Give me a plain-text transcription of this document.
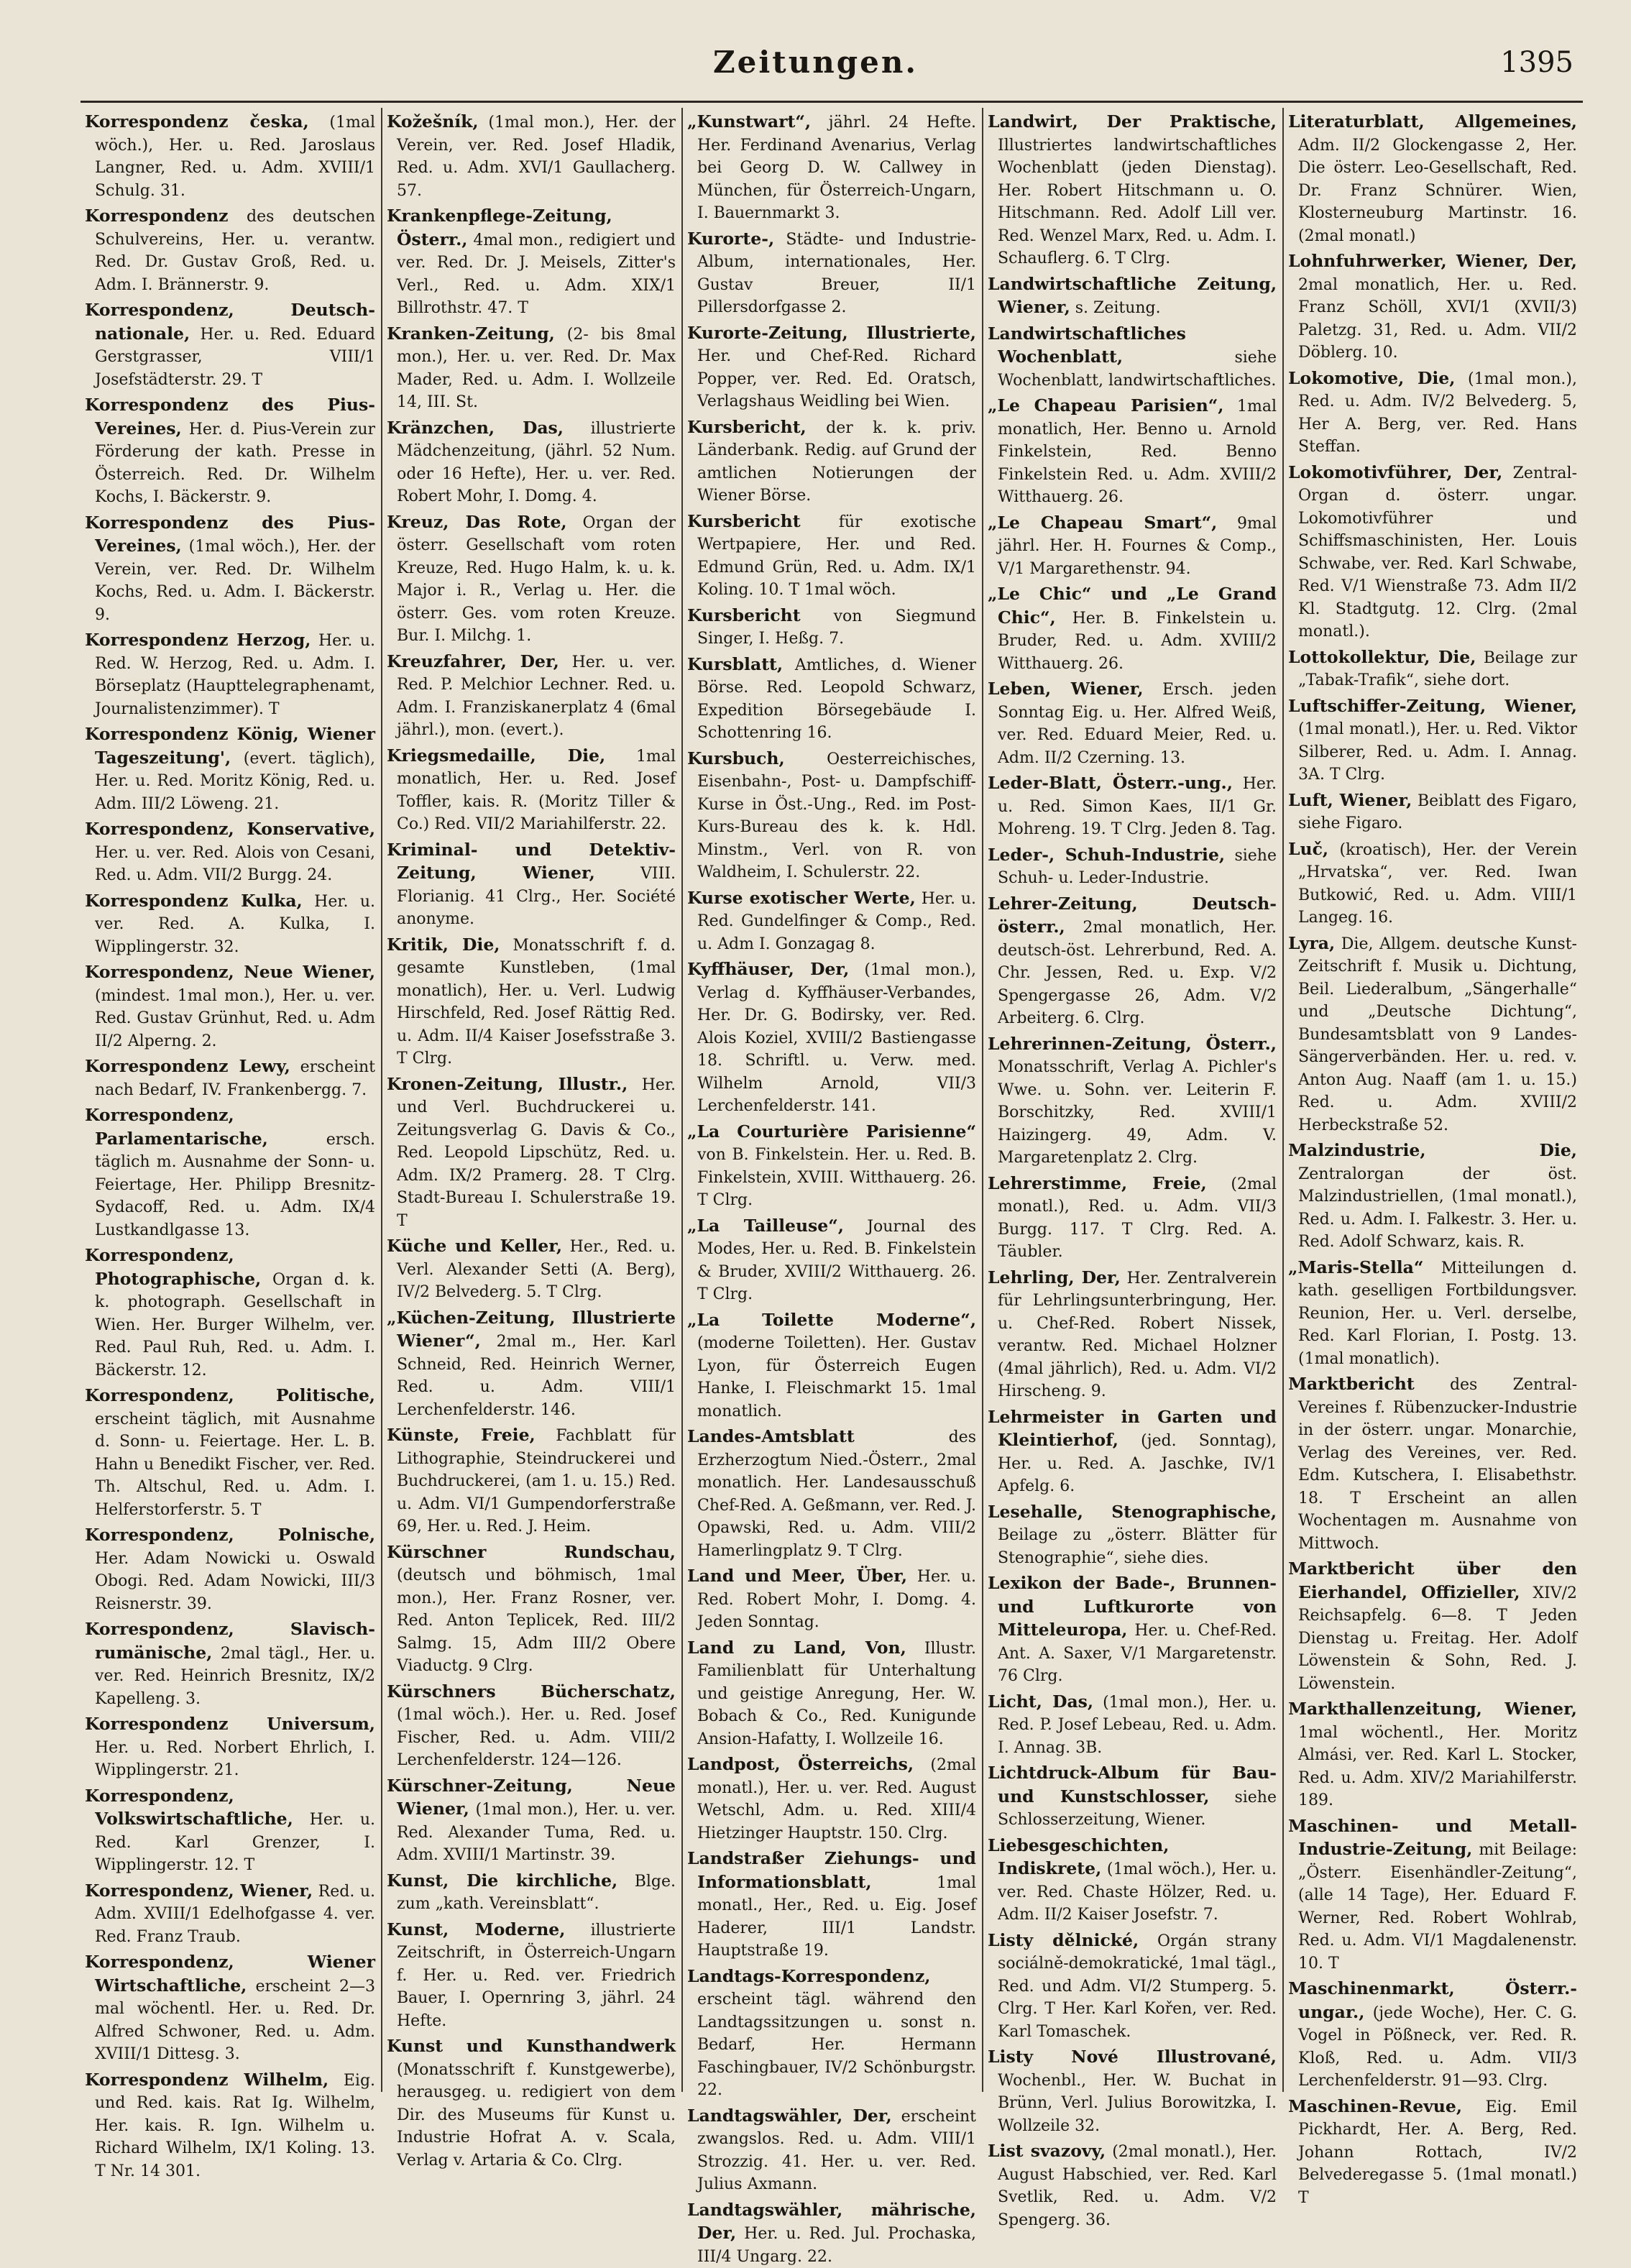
Zeitungen.	1395

Korrespondenz česka, (1mal wöch.), Her. u. Red. Jaroslaus Langner, Red. u. Adm. XVIII/1 Schulg. 31.

Korrespondenz des deutschen Schulvereins, Her. u. verantw. Red. Dr. Gustav Groß, Red. u. Adm. I. Brännerstr. 9.

Korrespondenz, Deutsch-nationale, Her. u. Red. Eduard Gerstgrasser, VIII/1 Josefstädterstr. 29. T

Korrespondenz des Pius-Vereines, Her. d. Pius-Verein zur Förderung der kath. Presse in Österreich. Red. Dr. Wilhelm Kochs, I. Bäckerstr. 9.

Korrespondenz des Pius-Vereines, (1mal wöch.), Her. der Verein, ver. Red. Dr. Wilhelm Kochs, Red. u. Adm. I. Bäckerstr. 9.

Korrespondenz Herzog, Her. u. Red. W. Herzog, Red. u. Adm. I. Börseplatz (Haupttelegraphenamt, Journalistenzimmer). T

Korrespondenz König, Wiener Tageszeitung', (evert. täglich), Her. u. Red. Moritz König, Red. u. Adm. III/2 Löweng. 21.

Korrespondenz, Konservative, Her. u. ver. Red. Alois von Cesani, Red. u. Adm. VII/2 Burgg. 24.

Korrespondenz Kulka, Her. u. ver. Red. A. Kulka, I. Wipplingerstr. 32.

Korrespondenz, Neue Wiener, (mindest. 1mal mon.), Her. u. ver. Red. Gustav Grünhut, Red. u. Adm II/2 Alperng. 2.

Korrespondenz Lewy, erscheint nach Bedarf, IV. Frankenbergg. 7.

Korrespondenz, Parlamentarische,	ersch. täglich m. Ausnahme der Sonn- u. Feiertage, Her. Philipp Bresnitz-Sydacoff, Red. u. Adm. IX/4 Lustkandlgasse 13.

Korrespondenz, Photographische, Organ d. k. k. photograph. Gesellschaft in Wien. Her. Burger Wilhelm, ver. Red. Paul Ruh, Red. u. Adm. I. Bäckerstr. 12.

Korrespondenz, Politische, erscheint täglich, mit Ausnahme d. Sonn- u. Feiertage. Her. L. B. Hahn u Benedikt Fischer, ver. Red. Th. Altschul, Red. u. Adm. I. Helferstorferstr. 5. T

Korrespondenz, Polnische, Her. Adam Nowicki u. Oswald Obogi. Red. Adam Nowicki, III/3 Reisnerstr. 39.

Korrespondenz, Slavisch-rumänische, 2mal tägl., Her. u. ver. Red. Heinrich Bresnitz, IX/2 Kapelleng. 3.

Korrespondenz Universum, Her. u. Red. Norbert Ehrlich, I. Wipplingerstr. 21.

Korrespondenz, Volkswirtschaftliche, Her. u. Red. Karl Grenzer, I. Wipplingerstr. 12. T

Korrespondenz, Wiener, Red. u. Adm. XVIII/1 Edelhofgasse 4. ver. Red. Franz Traub.

Korrespondenz, Wiener Wirtschaftliche, erscheint 2—3 mal wöchentl. Her. u. Red. Dr. Alfred Schwoner, Red. u. Adm. XVIII/1 Dittesg. 3.

Korrespondenz Wilhelm, Eig. und Red. kais. Rat Ig. Wilhelm, Her. kais. R. Ign. Wilhelm u. Richard Wilhelm, IX/1 Koling. 13. T Nr. 14 301.

Kožešník, (1mal mon.), Her. der Verein, ver. Red. Josef Hladik, Red. u. Adm. XVI/1 Gaullacherg. 57.

Krankenpflege-Zeitung, Österr., 4mal mon., redigiert und ver. Red. Dr. J. Meisels, Zitter's Verl., Red. u. Adm. XIX/1 Billrothstr. 47. T

Kranken-Zeitung, (2- bis 8mal mon.), Her. u. ver. Red. Dr. Max Mader, Red. u. Adm. I. Wollzeile 14, III. St.

Kränzchen, Das, illustrierte Mädchenzeitung, (jährl. 52 Num. oder 16 Hefte), Her. u. ver. Red. Robert Mohr, I. Domg. 4.

Kreuz, Das Rote, Organ der österr. Gesellschaft vom roten Kreuze, Red. Hugo Halm, k. u. k. Major i. R., Verlag u. Her. die österr. Ges. vom roten Kreuze. Bur. I. Milchg. 1.

Kreuzfahrer, Der, Her. u. ver. Red. P. Melchior Lechner. Red. u. Adm. I. Franziskanerplatz 4 (6mal jährl.), mon. (evert.).

Kriegsmedaille, Die, 1mal monatlich, Her. u. Red. Josef Toffler, kais. R. (Moritz Tiller & Co.) Red. VII/2 Mariahilferstr. 22.

Kriminal- und Detektiv-Zeitung, Wiener,	VIII. Florianig. 41 Clrg., Her. Société anonyme.

Kritik, Die, Monatsschrift f. d. gesamte Kunstleben, (1mal monatlich), Her. u. Verl. Ludwig Hirschfeld, Red. Josef Rättig Red. u. Adm. II/4 Kaiser Josefsstraße 3. T Clrg.

Kronen-Zeitung, Illustr., Her. und Verl. Buchdruckerei u. Zeitungsverlag G. Davis & Co., Red. Leopold Lipschütz, Red. u. Adm. IX/2 Pramerg. 28. T Clrg. Stadt-Bureau I. Schulerstraße 19. T

Küche und Keller, Her., Red. u. Verl. Alexander Setti (A. Berg), IV/2 Belvederg. 5. T Clrg.

„Küchen-Zeitung, Illustrierte Wiener“, 2mal m., Her. Karl Schneid, Red. Heinrich Werner, Red. u. Adm. VIII/1 Lerchenfelderstr. 146.

Künste, Freie, Fachblatt für Lithographie, Steindruckerei und Buchdruckerei, (am 1. u. 15.) Red. u. Adm. VI/1 Gumpendorferstraße 69, Her. u. Red. J. Heim.

Kürschner Rundschau, (deutsch und böhmisch, 1mal mon.), Her. Franz Rosner, ver. Red. Anton Teplicek, Red. III/2 Salmg. 15, Adm III/2 Obere Viaductg. 9 Clrg.

Kürschners Bücherschatz, (1mal wöch.). Her. u. Red. Josef Fischer, Red. u. Adm. VIII/2 Lerchenfelderstr. 124—126.

Kürschner-Zeitung, Neue Wiener, (1mal mon.), Her. u. ver. Red. Alexander Tuma, Red. u. Adm. XVIII/1 Martinstr. 39.

Kunst, Die kirchliche, Blge. zum „kath. Vereinsblatt“.

Kunst, Moderne, illustrierte Zeitschrift, in Österreich-Ungarn f. Her. u. Red. ver. Friedrich Bauer, I. Opernring 3, jährl. 24 Hefte.

Kunst und Kunsthandwerk (Monatsschrift f. Kunstgewerbe), herausgeg. u. redigiert von dem Dir. des Museums für Kunst u. Industrie Hofrat A. v. Scala, Verlag v. Artaria & Co. Clrg.

„Kunstwart“, jährl. 24 Hefte. Her. Ferdinand Avenarius, Verlag bei Georg D. W. Callwey in München, für Österreich-Ungarn, I. Bauernmarkt 3.

Kurorte-, Städte- und Industrie-Album, internationales, Her. Gustav Breuer, II/1 Pillersdorfgasse 2.

Kurorte-Zeitung, Illustrierte, Her. und Chef-Red. Richard Popper, ver. Red. Ed. Oratsch, Verlagshaus Weidling bei Wien.

Kursbericht, der k. k. priv. Länderbank. Redig. auf Grund der amtlichen Notierungen der Wiener Börse.

Kursbericht für exotische Wertpapiere, Her. und Red. Edmund Grün, Red. u. Adm. IX/1 Koling. 10. T 1mal wöch.

Kursbericht von Siegmund Singer, I. Heßg. 7.

Kursblatt, Amtliches, d. Wiener Börse. Red. Leopold Schwarz, Expedition Börsegebäude I. Schottenring 16.

Kursbuch,	Oesterreichisches, Eisenbahn-, Post- u. Dampfschiff-Kurse in Öst.-Ung., Red. im Post-Kurs-Bureau des k. k. Hdl. Minstm., Verl. von R. von Waldheim, I. Schulerstr. 22.

Kurse exotischer Werte, Her. u. Red. Gundelfinger & Comp., Red. u. Adm I. Gonzagag 8.

Kyffhäuser, Der, (1mal mon.), Verlag d. Kyffhäuser-Verbandes, Her. Dr. G. Bodirsky, ver. Red. Alois Koziel, XVIII/2 Bastiengasse 18. Schriftl. u. Verw. med. Wilhelm Arnold, VII/3 Lerchenfelderstr. 141.

„La Courturière Parisienne“ von B. Finkelstein. Her. u. Red. B. Finkelstein, XVIII. Witthauerg. 26. T Clrg.

„La Tailleuse“, Journal des Modes, Her. u. Red. B. Finkelstein & Bruder, XVIII/2 Witthauerg. 26. T Clrg.

„La Toilette Moderne“, (moderne Toiletten). Her. Gustav Lyon, für Österreich Eugen Hanke, I. Fleischmarkt 15. 1mal monatlich.

Landes-Amtsblatt	des Erzherzogtum Nied.-Österr., 2mal monatlich. Her. Landesausschuß Chef-Red. A. Geßmann, ver. Red. J. Opawski, Red. u. Adm. VIII/2 Hamerlingplatz 9. T Clrg.

Land und Meer, Über, Her. u. Red. Robert Mohr, I. Domg. 4. Jeden Sonntag.

Land zu Land, Von, Illustr. Familienblatt für Unterhaltung und geistige Anregung, Her. W. Bobach & Co., Red. Kunigunde Ansion-Hafatty, I. Wollzeile 16.

Landpost, Österreichs, (2mal monatl.), Her. u. ver. Red. August Wetschl, Adm. u. Red. XIII/4 Hietzinger Hauptstr. 150. Clrg.

Landstraßer Ziehungs- und Informationsblatt,	1mal monatl., Her., Red. u. Eig. Josef Haderer, III/1 Landstr. Hauptstraße 19.

Landtags-Korrespondenz, erscheint tägl. während den Landtagssitzungen u. sonst n. Bedarf, Her. Hermann Faschingbauer, IV/2 Schönburgstr. 22.

Landtagswähler, Der, erscheint zwangslos. Red. u. Adm. VIII/1 Strozzig. 41. Her. u. ver. Red. Julius Axmann.

Landtagswähler, mährische, Der, Her. u. Red. Jul. Prochaska, III/4 Ungarg. 22.

Landwirt, Der Praktische, Illustriertes landwirtschaftliches Wochenblatt (jeden Dienstag). Her. Robert Hitschmann u. O. Hitschmann. Red. Adolf Lill ver. Red. Wenzel Marx, Red. u. Adm. I. Schauflerg. 6. T Clrg.

Landwirtschaftliche Zeitung, Wiener, s. Zeitung.

Landwirtschaftliches Wochenblatt,	siehe Wochenblatt, landwirtschaftliches.

„Le Chapeau Parisien“, 1mal monatlich, Her. Benno u. Arnold Finkelstein, Red. Benno Finkelstein Red. u. Adm. XVIII/2 Witthauerg. 26.

„Le Chapeau Smart“, 9mal jährl. Her. H. Fournes & Comp., V/1 Margarethenstr. 94.

„Le Chic“ und „Le Grand Chic“, Her. B. Finkelstein u. Bruder, Red. u. Adm. XVIII/2 Witthauerg. 26.

Leben, Wiener, Ersch. jeden Sonntag Eig. u. Her. Alfred Weiß, ver. Red. Eduard Meier, Red. u. Adm. II/2 Czerning. 13.

Leder-Blatt, Österr.-ung., Her. u. Red. Simon Kaes, II/1 Gr. Mohreng. 19. T Clrg. Jeden 8. Tag.

Leder-, Schuh-Industrie, siehe Schuh- u. Leder-Industrie.

Lehrer-Zeitung, Deutsch-österr., 2mal monatlich, Her. deutsch-öst. Lehrerbund, Red. A. Chr. Jessen, Red. u. Exp. V/2 Spengergasse 26, Adm. V/2 Arbeiterg. 6. Clrg.

Lehrerinnen-Zeitung, Österr., Monatsschrift, Verlag A. Pichler's Wwe. u. Sohn. ver. Leiterin F. Borschitzky, Red. XVIII/1 Haizingerg. 49, Adm. V. Margaretenplatz 2. Clrg.

Lehrerstimme, Freie, (2mal monatl.), Red. u. Adm. VII/3 Burgg. 117. T Clrg. Red. A. Täubler.

Lehrling, Der, Her. Zentralverein für Lehrlingsunterbringung, Her. u. Chef-Red. Robert Nissek, verantw. Red. Michael Holzner (4mal jährlich), Red. u. Adm. VI/2 Hirscheng. 9.

Lehrmeister in Garten und Kleintierhof, (jed. Sonntag), Her. u. Red. A. Jaschke, IV/1 Apfelg. 6.

Lesehalle, Stenographische, Beilage zu „österr. Blätter für Stenographie“, siehe dies.

Lexikon der Bade-, Brunnen- und Luftkurorte von Mitteleuropa, Her. u. Chef-Red. Ant. A. Saxer, V/1 Margaretenstr. 76 Clrg.

Licht, Das, (1mal mon.), Her. u. Red. P. Josef Lebeau, Red. u. Adm. I. Annag. 3B.

Lichtdruck-Album für Bau- und Kunstschlosser, siehe Schlosserzeitung, Wiener.

Liebesgeschichten, Indiskrete, (1mal wöch.), Her. u. ver. Red. Chaste Hölzer, Red. u. Adm. II/2 Kaiser Josefstr. 7.

Listy dělnické, Orgán strany sociálně-demokratické, 1mal tägl., Red. und Adm. VI/2 Stumperg. 5. Clrg. T Her. Karl Kořen, ver. Red. Karl Tomaschek.

Listy Nové Illustrované, Wochenbl., Her. W. Buchat in Brünn, Verl. Julius Borowitzka, I. Wollzeile 32.

List svazovy, (2mal monatl.), Her. August Habschied, ver. Red. Karl Svetlik, Red. u. Adm. V/2 Spengerg. 36.

Literaturblatt, Allgemeines, Adm. II/2 Glockengasse 2, Her. Die österr. Leo-Gesellschaft, Red. Dr. Franz Schnürer. Wien, Klosterneuburg Martinstr. 16. (2mal monatl.)

Lohnfuhrwerker, Wiener, Der, 2mal monatlich, Her. u. Red. Franz Schöll, XVI/1 (XVII/3) Paletzg. 31, Red. u. Adm. VII/2 Döblerg. 10.

Lokomotive, Die, (1mal mon.), Red. u. Adm. IV/2 Belvederg. 5, Her A. Berg, ver. Red. Hans Steffan.

Lokomotivführer, Der, Zentral-Organ d. österr. ungar. Lokomotivführer und Schiffsmaschinisten, Her. Louis Schwabe, ver. Red. Karl Schwabe, Red. V/1 Wienstraße 73. Adm II/2 Kl. Stadtgutg. 12. Clrg. (2mal monatl.).

Lottokollektur, Die, Beilage zur „Tabak-Trafik“, siehe dort.

Luftschiffer-Zeitung, Wiener, (1mal monatl.), Her. u. Red. Viktor Silberer, Red. u. Adm. I. Annag. 3A. T Clrg.

Luft, Wiener, Beiblatt des Figaro, siehe Figaro.

Luč, (kroatisch), Her. der Verein „Hrvatska“, ver. Red. Iwan Butkowić, Red. u. Adm. VIII/1 Langeg. 16.

Lyra, Die, Allgem. deutsche Kunst-Zeitschrift f. Musik u. Dichtung, Beil. Liederalbum, „Sängerhalle“ und „Deutsche Dichtung“, Bundesamtsblatt von 9 Landes-Sängerverbänden. Her. u. red. v. Anton Aug. Naaff (am 1. u. 15.) Red. u. Adm. XVIII/2 Herbeckstraße 52.

Malzindustrie, Die, Zentralorgan der öst. Malzindustriellen, (1mal monatl.), Red. u. Adm. I. Falkestr. 3. Her. u. Red. Adolf Schwarz, kais. R.

„Maris-Stella“ Mitteilungen d. kath. geselligen Fortbildungsver. Reunion, Her. u. Verl. derselbe, Red. Karl Florian, I. Postg. 13. (1mal monatlich).

Marktbericht des Zentral-Vereines f. Rübenzucker-Industrie in der österr. ungar. Monarchie, Verlag des Vereines, ver. Red. Edm. Kutschera, I. Elisabethstr. 18. T Erscheint an allen Wochentagen m. Ausnahme von Mittwoch.

Marktbericht über den Eierhandel, Offizieller, XIV/2 Reichsapfelg. 6—8. T Jeden Dienstag u. Freitag. Her. Adolf Löwenstein & Sohn, Red. J. Löwenstein.

Markthallenzeitung, Wiener, 1mal wöchentl., Her. Moritz Almási, ver. Red. Karl L. Stocker, Red. u. Adm. XIV/2 Mariahilferstr. 189.

Maschinen- und Metall-Industrie-Zeitung, mit Beilage: „Österr. Eisenhändler-Zeitung“, (alle 14 Tage), Her. Eduard F. Werner, Red. Robert Wohlrab, Red. u. Adm. VI/1 Magdalenenstr. 10. T

Maschinenmarkt, Österr.-ungar., (jede Woche), Her. C. G. Vogel in Pößneck, ver. Red. R. Kloß, Red. u. Adm. VII/3 Lerchenfelderstr. 91—93. Clrg.

Maschinen-Revue, Eig. Emil Pickhardt, Her. A. Berg, Red. Johann Rottach, IV/2 Belvederegasse 5. (1mal monatl.) T
